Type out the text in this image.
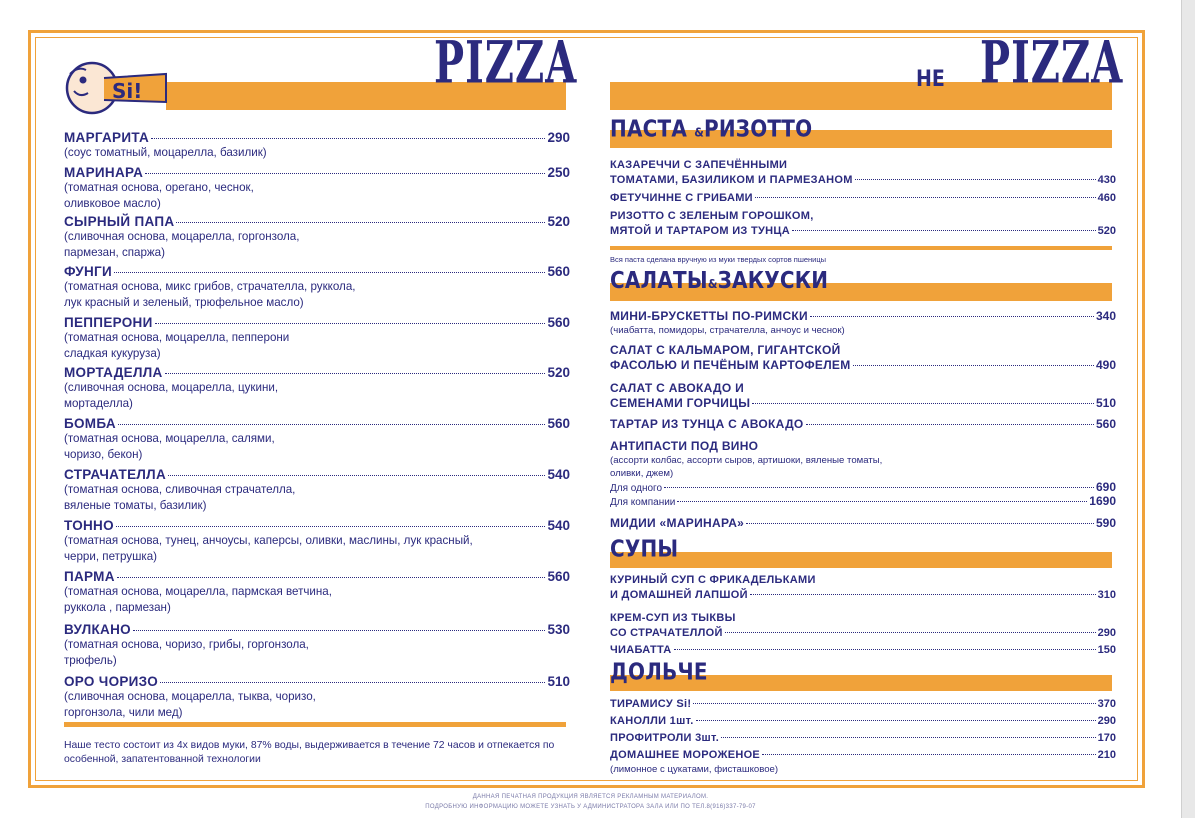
Si!	PIZZA
МАРГАРИТА	290
(соус томатный, моцарелла, базилик)
МАРИНАРА	250
(томатная основа, орегано, чеснок,
оливковое масло)
СЫРНЫЙ ПАПА	520
(сливочная основа, моцарелла, горгонзола,
пармезан, спаржа)
ФУНГИ	560
(томатная основа, микс грибов, страчателла, руккола,
лук красный и зеленый, трюфельное масло)
ПЕППЕРОНИ	560
(томатная основа, моцарелла, пепперони
сладкая кукуруза)
МОРТАДЕЛЛА	520
(сливочная основа, моцарелла, цукини,
мортаделла)
БОМБА	560
(томатная основа, моцарелла, салями,
чоризо, бекон)
СТРАЧАТЕЛЛА	540
(томатная основа, сливочная страчателла,
вяленые томаты, базилик)
ТОННО	540
(томатная основа, тунец, анчоусы, каперсы, оливки, маслины, лук красный,
черри, петрушка)
ПАРМА	560
(томатная основа, моцарелла, пармская ветчина,
руккола , пармезан)
ВУЛКАНО	530
(томатная основа, чоризо, грибы, горгонзола,
трюфель)
ОРО ЧОРИЗО	510
(сливочная основа, моцарелла, тыква, чоризо,
горгонзола, чили мед)
Наше тесто состоит из 4х видов муки, 87% воды, выдерживается в течение 72 часов и отпекается по особенной, запатентованной технологии
НЕ PIZZA
ПАСТА &РИЗОТТО
КАЗАРЕЧЧИ С ЗАПЕЧЁННЫМИ
ТОМАТАМИ, БАЗИЛИКОМ И ПАРМЕЗАНОМ	430
ФЕТУЧИННЕ С ГРИБАМИ	460
РИЗОТТО С ЗЕЛЕНЫМ ГОРОШКОМ,
МЯТОЙ И ТАРТАРОМ ИЗ ТУНЦА	520
Вся паста сделана вручную из муки твердых сортов пшеницы
САЛАТЫ&ЗАКУСКИ
МИНИ-БРУСКЕТТЫ ПО-РИМСКИ	340
(чиабатта, помидоры, страчателла, анчоус и чеснок)
САЛАТ С КАЛЬМАРОМ, ГИГАНТСКОЙ
ФАСОЛЬЮ И ПЕЧЁНЫМ КАРТОФЕЛЕМ	490
САЛАТ С АВОКАДО И
СЕМЕНАМИ ГОРЧИЦЫ	510
ТАРТАР ИЗ ТУНЦА С АВОКАДО	560
АНТИПАСТИ ПОД ВИНО
(ассорти колбас, ассорти сыров, артишоки, вяленые томаты,
оливки, джем)
Для одного	690
Для компании	1690
МИДИИ «МАРИНАРА»	590
СУПЫ
КУРИНЫЙ СУП С ФРИКАДЕЛЬКАМИ
И ДОМАШНЕЙ ЛАПШОЙ	310
КРЕМ-СУП ИЗ ТЫКВЫ
СО СТРАЧАТЕЛЛОЙ	290
ЧИАБАТТА	150
ДОЛЬЧЕ
ТИРАМИСУ Si!	370
КАНОЛЛИ 1шт.	290
ПРОФИТРОЛИ 3шт.	170
ДОМАШНЕЕ МОРОЖЕНОЕ	210
(лимонное с цукатами, фисташковое)
ДАННАЯ ПЕЧАТНАЯ ПРОДУКЦИЯ ЯВЛЯЕТСЯ РЕКЛАМНЫМ МАТЕРИАЛОМ.
ПОДРОБНУЮ ИНФОРМАЦИЮ МОЖЕТЕ УЗНАТЬ У АДМИНИСТРАТОРА ЗАЛА ИЛИ ПО ТЕЛ.8(916)337-79-07
